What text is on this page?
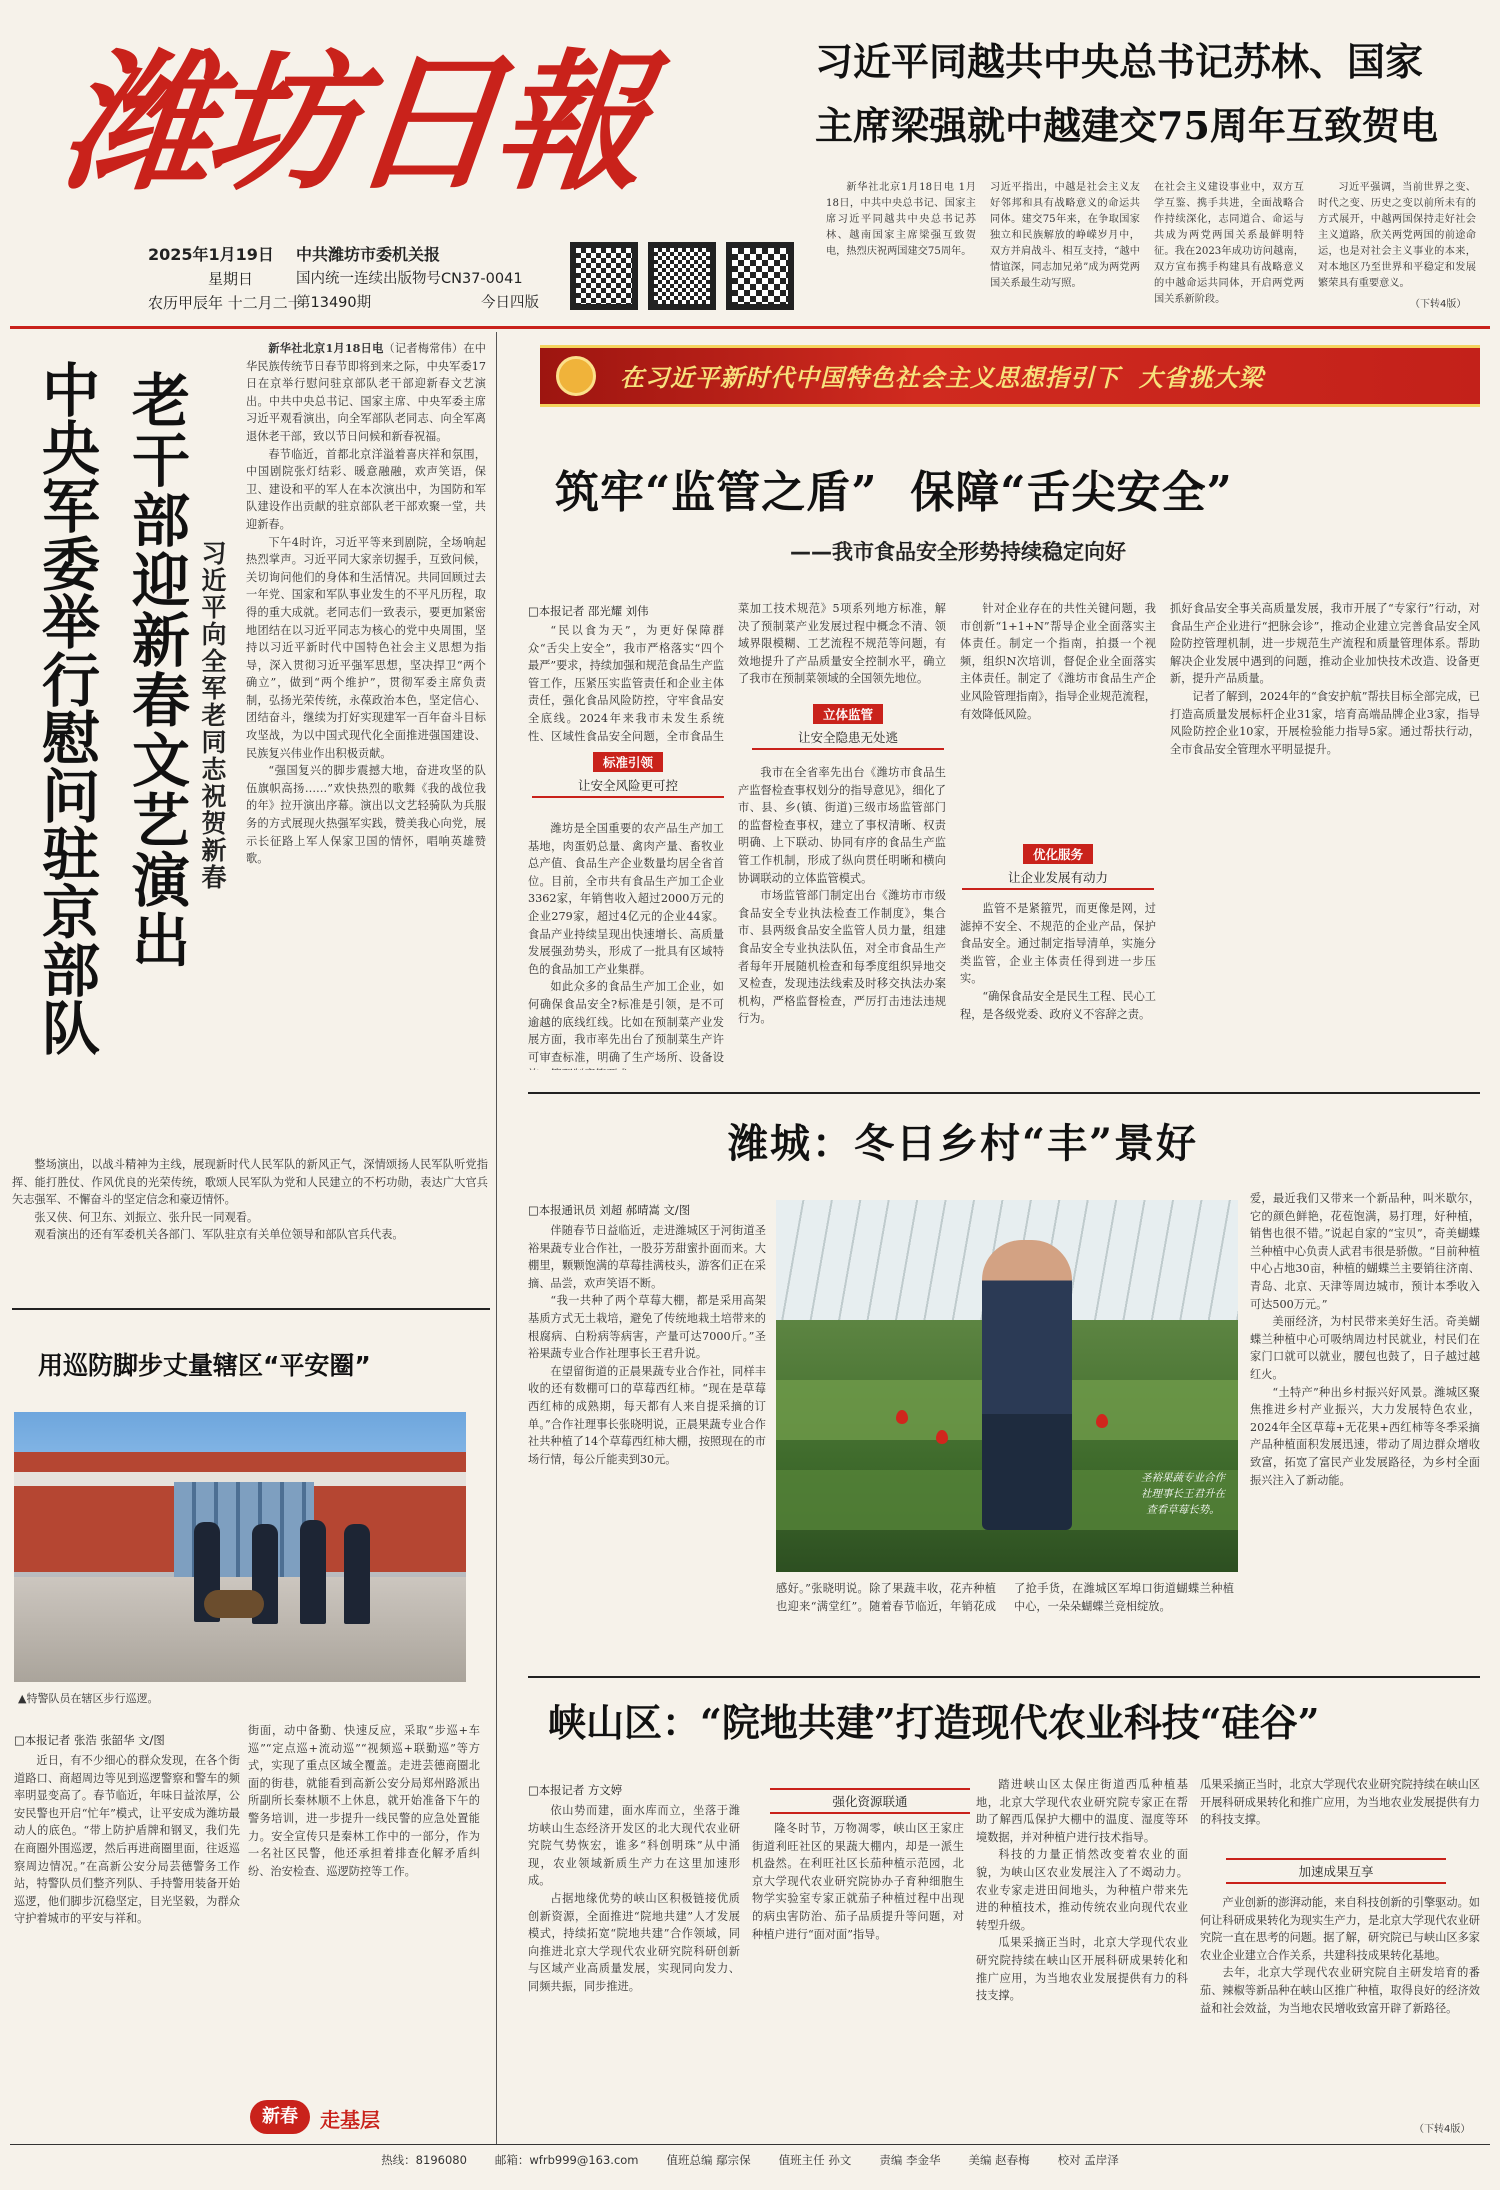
潍坊日報
2025年1月19日
星期日
农历甲辰年 十二月二十
中共潍坊市委机关报
国内统一连续出版物号CN37-0041
第13490期	今日四版
习近平同越共中央总书记苏林、国家
主席梁强就中越建交75周年互致贺电
新华社北京1月18日电 1月18日，中共中央总书记、国家主席习近平同越共中央总书记苏林、越南国家主席梁强互致贺电，热烈庆祝两国建交75周年。
习近平指出，中越是社会主义友好邻邦和具有战略意义的命运共同体。建交75年来，在争取国家独立和民族解放的峥嵘岁月中，双方并肩战斗、相互支持，“越中情谊深，同志加兄弟”成为两党两国关系最生动写照。
在社会主义建设事业中，双方互学互鉴、携手共进，全面战略合作持续深化，志同道合、命运与共成为两党两国关系最鲜明特征。我在2023年成功访问越南，双方宣布携手构建具有战略意义的中越命运共同体，开启两党两国关系新阶段。
习近平强调，当前世界之变、时代之变、历史之变以前所未有的方式展开，中越两国保持走好社会主义道路，欣关两党两国的前途命运，也是对社会主义事业的本来，对本地区乃至世界和平稳定和发展繁荣具有重要意义。
（下转4版）
中央军委举行慰问驻京部队 老干部迎新春文艺演出 习近平向全军老同志祝贺新春

新华社北京1月18日电（记者梅常伟）在中华民族传统节日春节即将到来之际，中央军委17日在京举行慰问驻京部队老干部迎新春文艺演出。中共中央总书记、国家主席、中央军委主席习近平观看演出，向全军部队老同志、向全军离退休老干部，致以节日问候和新春祝福。

春节临近，首都北京洋溢着喜庆祥和氛围，中国剧院张灯结彩、暖意融融，欢声笑语，保卫、建设和平的军人在本次演出中，为国防和军队建设作出贡献的驻京部队老干部欢聚一堂，共迎新春。

下午4时许，习近平等来到剧院，全场响起热烈掌声。习近平同大家亲切握手，互致问候，关切询问他们的身体和生活情况。共同回顾过去一年党、国家和军队事业发生的不平凡历程，取得的重大成就。老同志们一致表示，要更加紧密地团结在以习近平同志为核心的党中央周围，坚持以习近平新时代中国特色社会主义思想为指导，深入贯彻习近平强军思想，坚决捍卫“两个确立”，做到“两个维护”，贯彻军委主席负责制，弘扬光荣传统，永葆政治本色，坚定信心、团结奋斗，继续为打好实现建军一百年奋斗目标攻坚战，为以中国式现代化全面推进强国建设、民族复兴伟业作出积极贡献。

“强国复兴的脚步震撼大地，奋进攻坚的队伍旗帜高扬……”欢快热烈的歌舞《我的战位我的年》拉开演出序幕。演出以文艺轻骑队为兵服务的方式展现火热强军实践，赞美我心向党，展示长征路上军人保家卫国的情怀，唱响英雄赞歌。

整场演出，以战斗精神为主线，展现新时代人民军队的新风正气，深情颂扬人民军队听党指挥、能打胜仗、作风优良的光荣传统，歌颂人民军队为党和人民建立的不朽功勋，表达广大官兵矢志强军、不懈奋斗的坚定信念和豪迈情怀。

张又侠、何卫东、刘振立、张升民一同观看。

观看演出的还有军委机关各部门、军队驻京有关单位领导和部队官兵代表。

用巡防脚步丈量辖区“平安圈”
▲特警队员在辖区步行巡逻。
□本报记者 张浩 张韶华 文/图

近日，有不少细心的群众发现，在各个街道路口、商超周边等见到巡逻警察和警车的频率明显变高了。春节临近，年味日益浓厚，公安民警也开启“忙年”模式，让平安成为潍坊最动人的底色。“带上防护盾牌和钢叉，我们先在商圈外围巡逻，然后再进商圈里面，往返巡察周边情况。”在高新公安分局芸德警务工作站，特警队员们整齐列队、手持警用装备开始巡逻，他们脚步沉稳坚定，目光坚毅，为群众守护着城市的平安与祥和。

街面，动中备勤、快速反应，采取“步巡+车巡”“定点巡+流动巡”“视频巡+联勤巡”等方式，实现了重点区域全覆盖。走进芸德商圈北面的街巷，就能看到高新公安分局郑州路派出所副所长秦林顺不上休息，就开始准备下午的警务培训，进一步提升一线民警的应急处置能力。安全宣传只是秦林工作中的一部分，作为一名社区民警，他还承担着排查化解矛盾纠纷、治安检查、巡逻防控等工作。

新春	走基层
在习近平新时代中国特色社会主义思想指引下  大省挑大梁
筑牢“监管之盾”  保障“舌尖安全”
——我市食品安全形势持续稳定向好
□本报记者 邵光耀 刘伟

“民以食为天”，为更好保障群众“舌尖上安全”，我市严格落实“四个最严”要求，持续加强和规范食品生产监管工作，压紧压实监管责任和企业主体责任，强化食品风险防控，守牢食品安全底线。2024年来我市未发生系统性、区域性食品安全问题，全市食品生

标准引领
让安全风险更可控

潍坊是全国重要的农产品生产加工基地，肉蛋奶总量、禽肉产量、畜牧业总产值、食品生产企业数量均居全省首位。目前，全市共有食品生产加工企业3362家，年销售收入超过2000万元的企业279家，超过4亿元的企业44家。食品产业持续呈现出快速增长、高质量发展强劲势头，形成了一批具有区域特色的食品加工产业集群。

如此众多的食品生产加工企业，如何确保食品安全?标准是引领，是不可逾越的底线红线。比如在预制菜产业发展方面，我市率先出台了预制菜生产许可审查标准，明确了生产场所、设备设

菜加工技术规范》5项系列地方标准，解决了预制菜产业发展过程中概念不清、领域界限模糊、工艺流程不规范等问题，有效地提升了产品质量安全控制水平，确立了我市在预制菜领域的全国领先地位。

立体监管
让安全隐患无处逃

我市在全省率先出台《潍坊市食品生产监督检查事权划分的指导意见》，细化了市、县、乡(镇、街道)三级市场监管部门的监督检查事权，建立了事权清晰、权责明确、上下联动、协同有序的食品生产监管工作机制，形成了纵向贯任明晰和横向协调联动的立体监管模式。

市场监管部门制定出台《潍坊市市级食品安全专业执法检查工作制度》，集合市、县两级食品安全监管人员力量，组建食品安全专业执法队伍，对全市食品生产者每年开展随机检查和每季度组织异地交叉检查，发现违法线索及时移交执法办案机构，严格监督检查，严厉打击违法违规行为。

针对企业存在的共性关键问题，我市创新“1+1+N”帮导企业全面落实主体责任。制定一个指南，拍摄一个视频，组织N次培训，督促企业全面落实主体责任。制定了《潍坊市食品生产企业风险管理指南》，指导企业规范流程，有效降低风险。

优化服务
让企业发展有动力

监管不是紧箍咒，而更像是网，过滤掉不安全、不规范的企业产品，保护食品安全。通过制定指导清单，实施分类监管，企业主体责任得到进一步压实。

“确保食品安全是民生工程、民心工程，是各级党委、政府义不容辞之责。

抓好食品安全事关高质量发展，我市开展了“专家行”行动，对食品生产企业进行“把脉会诊”，推动企业建立完善食品安全风险防控管理机制，进一步规范生产流程和质量管理体系。帮助解决企业发展中遇到的问题，推动企业加快技术改造、设备更新，提升产品质量。

记者了解到，2024年的“食安护航”帮扶目标全部完成，已打造高质量发展标杆企业31家，培育高端品牌企业3家，指导风险防控企业10家，开展检验能力指导5家。通过帮扶行动，全市食品安全管理水平明显提升。

潍城：冬日乡村“丰”景好
□本报通讯员 刘超 郝晴嵩 文/图

伴随春节日益临近，走进潍城区于河街道圣裕果蔬专业合作社，一股芬芳甜蜜扑面而来。大棚里，颗颗饱满的草莓挂满枝头，游客们正在采摘、品尝，欢声笑语不断。

“我一共种了两个草莓大棚，都是采用高架基质方式无土栽培，避免了传统地栽土培带来的根腐病、白粉病等病害，产量可达7000斤。”圣裕果蔬专业合作社理事长王君升说。

在望留街道的正晨果蔬专业合作社，同样丰收的还有数棚可口的草莓西红柿。“现在是草莓西红柿的成熟期，每天都有人来自提采摘的订单。”合作社理事长张晓明说，正晨果蔬专业合作社共种植了14个草莓西红柿大棚，按照现在的市场行情，每公斤能卖到30元。

圣裕果蔬专业合作社理事长王君升在查看草莓长势。

感好。”张晓明说。除了果蔬丰收，花卉种植也迎来“满堂红”。随着春节临近，年销花成了抢手货，在潍城区军埠口街道蝴蝶兰种植中心，一朵朵蝴蝶兰竞相绽放。

爱，最近我们又带来一个新品种，叫米歇尔，它的颜色鲜艳，花苞饱满，易打理，好种植，销售也很不错。”说起自家的“宝贝”，奇美蝴蝶兰种植中心负责人武君韦很是骄傲。“目前种植中心占地30亩，种植的蝴蝶兰主要销往济南、青岛、北京、天津等周边城市，预计本季收入可达500万元。”

美丽经济，为村民带来美好生活。奇美蝴蝶兰种植中心可吸纳周边村民就业，村民们在家门口就可以就业，腰包也鼓了，日子越过越红火。

“土特产”种出乡村振兴好风景。潍城区聚焦推进乡村产业振兴，大力发展特色农业，2024年全区草莓+无花果+西红柿等冬季采摘产品种植面积发展迅速，带动了周边群众增收致富，拓宽了富民产业发展路径，为乡村全面振兴注入了新动能。

峡山区：“院地共建”打造现代农业科技“硅谷”
□本报记者 方文婷

依山势而建，面水库而立，坐落于潍坊峡山生态经济开发区的北大现代农业研究院气势恢宏，谁多“科创明珠”从中涌现，农业领域新质生产力在这里加速形成。

占据地缘优势的峡山区积极链接优质创新资源，全面推进“院地共建”人才发展模式，持续拓宽“院地共建”合作领域，同向推进北京大学现代农业研究院科研创新与区域产业高质量发展，实现同向发力、同频共振，同步推进。

强化资源联通

隆冬时节，万物凋零，峡山区王家庄街道利旺社区的果蔬大棚内，却是一派生机盎然。在利旺社区长茄种植示范园，北京大学现代农业研究院协办子育种细胞生物学实验室专家正就茄子种植过程中出现的病虫害防治、茄子品质提升等问题，对种植户进行“面对面”指导。

踏进峡山区太保庄街道西瓜种植基地，北京大学现代农业研究院专家正在帮助了解西瓜保护大棚中的温度、湿度等环境数据，并对种植户进行技术指导。

科技的力量正悄然改变着农业的面貌，为峡山区农业发展注入了不竭动力。农业专家走进田间地头，为种植户带来先进的种植技术，推动传统农业向现代农业转型升级。

瓜果采摘正当时，北京大学现代农业研究院持续在峡山区开展科研成果转化和推广应用，为当地农业发展提供有力的科技支撑。

加速成果互享

瓜果采摘正当时，北京大学现代农业研究院持续在峡山区开展科研成果转化和推广应用，为当地农业发展提供有力的科技支撑。

产业创新的澎湃动能，来自科技创新的引擎驱动。如何让科研成果转化为现实生产力，是北京大学现代农业研究院一直在思考的问题。据了解，研究院已与峡山区多家农业企业建立合作关系，共建科技成果转化基地。

去年，北京大学现代农业研究院自主研发培育的番茄、辣椒等新品种在峡山区推广种植，取得良好的经济效益和社会效益，为当地农民增收致富开辟了新路径。

（下转4版）
热线：8196080 邮箱：wfrb999@163.com 值班总编 鄢宗保 值班主任 孙文 责编 李金华 美编 赵春梅 校对 孟岸泽
